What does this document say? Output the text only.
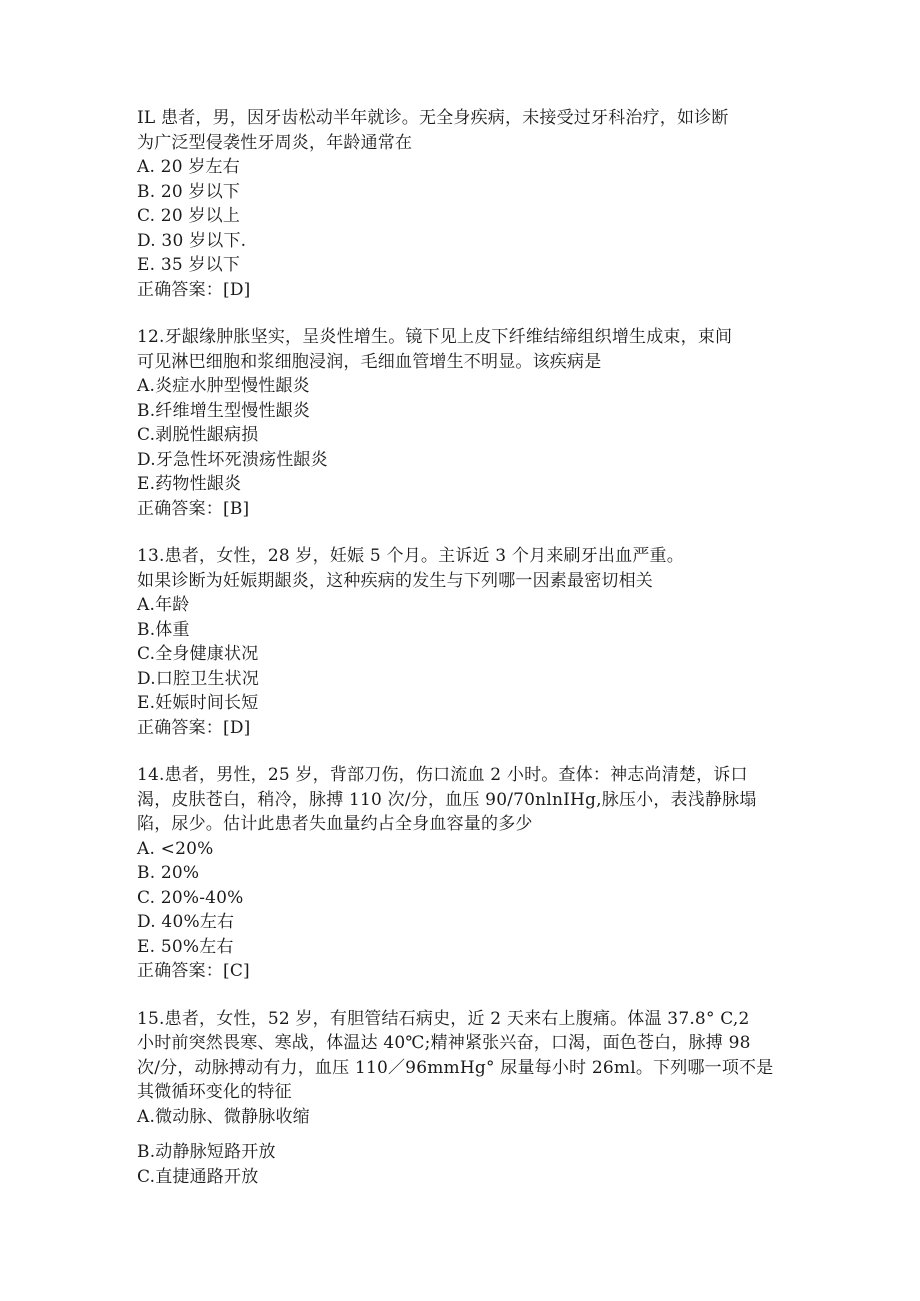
IL 患者，男，因牙齿松动半年就诊。无全身疾病，未接受过牙科治疗，如诊断
为广泛型侵袭性牙周炎，年龄通常在
A. 20 岁左右
B. 20 岁以下
C. 20 岁以上
D. 30 岁以下.
E. 35 岁以下
正确答案：[D]
12.牙龈缘肿胀坚实，呈炎性增生。镜下见上皮下纤维结缔组织增生成束，束间
可见淋巴细胞和浆细胞浸润，毛细血管增生不明显。该疾病是
A.炎症水肿型慢性龈炎
B.纤维增生型慢性龈炎
C.剥脱性龈病损
D.牙急性坏死溃疡性龈炎
E.药物性龈炎
正确答案：[B]
13.患者，女性，28 岁，妊娠 5 个月。主诉近 3 个月来刷牙出血严重。
如果诊断为妊娠期龈炎，这种疾病的发生与下列哪一因素最密切相关
A.年龄
B.体重
C.全身健康状况
D.口腔卫生状况
E.妊娠时间长短
正确答案：[D]
14.患者，男性，25 岁，背部刀伤，伤口流血 2 小时。查体：神志尚清楚，诉口
渴，皮肤苍白，稍冷，脉搏 110 次/分，血压 90/70nlnIHg,脉压小，表浅静脉塌
陷，尿少。估计此患者失血量约占全身血容量的多少
A. <20%
B. 20%
C. 20%-40%
D. 40%左右
E. 50%左右
正确答案：[C]
15.患者，女性，52 岁，有胆管结石病史，近 2 天来右上腹痛。体温 37.8° C,2
小时前突然畏寒、寒战，体温达 40℃;精神紧张兴奋，口渴，面色苍白，脉搏 98
次/分，动脉搏动有力，血压 110／96mmHg° 尿量每小时 26ml。下列哪一项不是
其微循环变化的特征
A.微动脉、微静脉收缩
B.动静脉短路开放
C.直捷通路开放
